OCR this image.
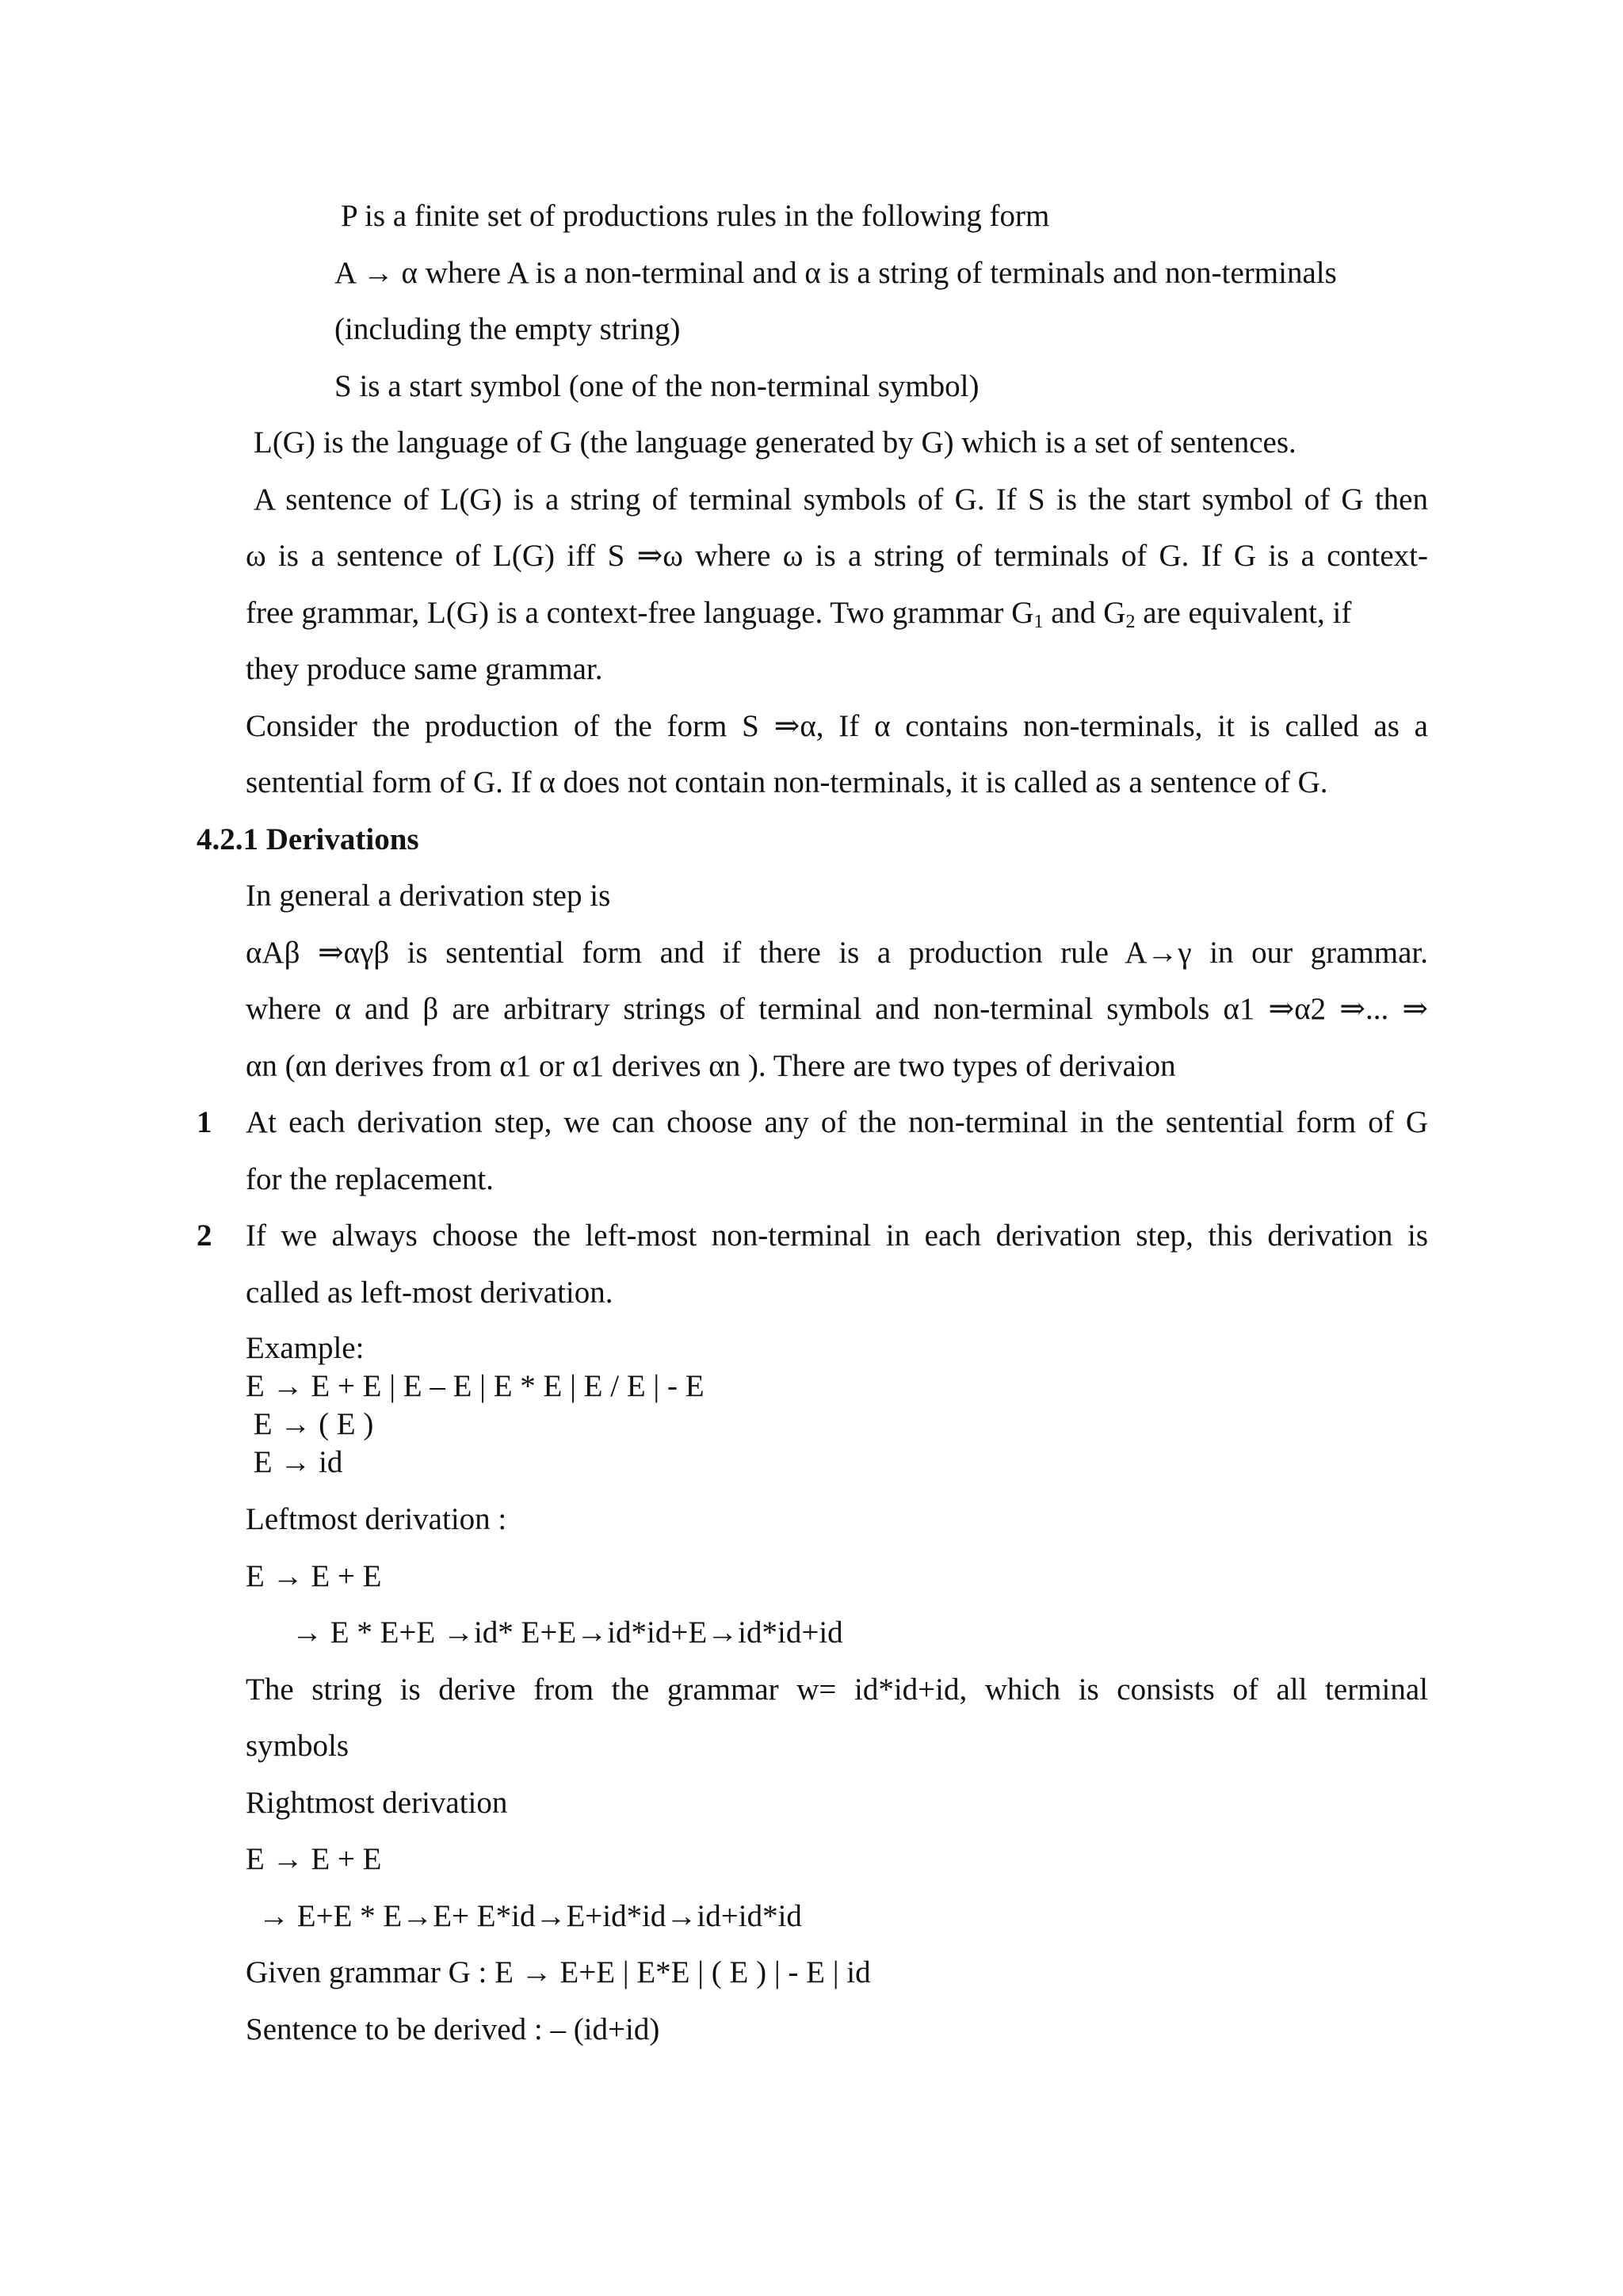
P is a finite set of productions rules in the following form
A → α where A is a non-terminal and α is a string of terminals and non-terminals
(including the empty string)
S is a start symbol (one of the non-terminal symbol)
L(G) is the language of G (the language generated by G) which is a set of sentences.
A sentence of L(G) is a string of terminal symbols of G. If S is the start symbol of G then
ω is a sentence of L(G) iff S ⇒ω where ω is a string of terminals of G. If G is a context-
free grammar, L(G) is a context-free language. Two grammar $G_1$ and $G_2$ are equivalent, if
they produce same grammar.
Consider the production of the form S ⇒α, If α contains non-terminals, it is called as a
sentential form of G. If α does not contain non-terminals, it is called as a sentence of G.
4.2.1 Derivations
In general a derivation step is
αAβ ⇒αγβ is sentential form and if there is a production rule A→γ in our grammar.
where α and β are arbitrary strings of terminal and non-terminal symbols α1 ⇒α2 ⇒... ⇒
αn (αn derives from α1 or α1 derives αn ). There are two types of derivaion
1 At each derivation step, we can choose any of the non-terminal in the sentential form of G
for the replacement.
2 If we always choose the left-most non-terminal in each derivation step, this derivation is
called as left-most derivation.
Example:
E → E + E | E – E | E * E | E / E | - E
E → ( E )
E → id
Leftmost derivation :
E → E + E
→ E * E+E →id* E+E→id*id+E→id*id+id
The string is derive from the grammar w= id*id+id, which is consists of all terminal
symbols
Rightmost derivation
E → E + E
→ E+E * E→E+ E*id→E+id*id→id+id*id
Given grammar G : E → E+E | E*E | ( E ) | - E | id
Sentence to be derived : – (id+id)
